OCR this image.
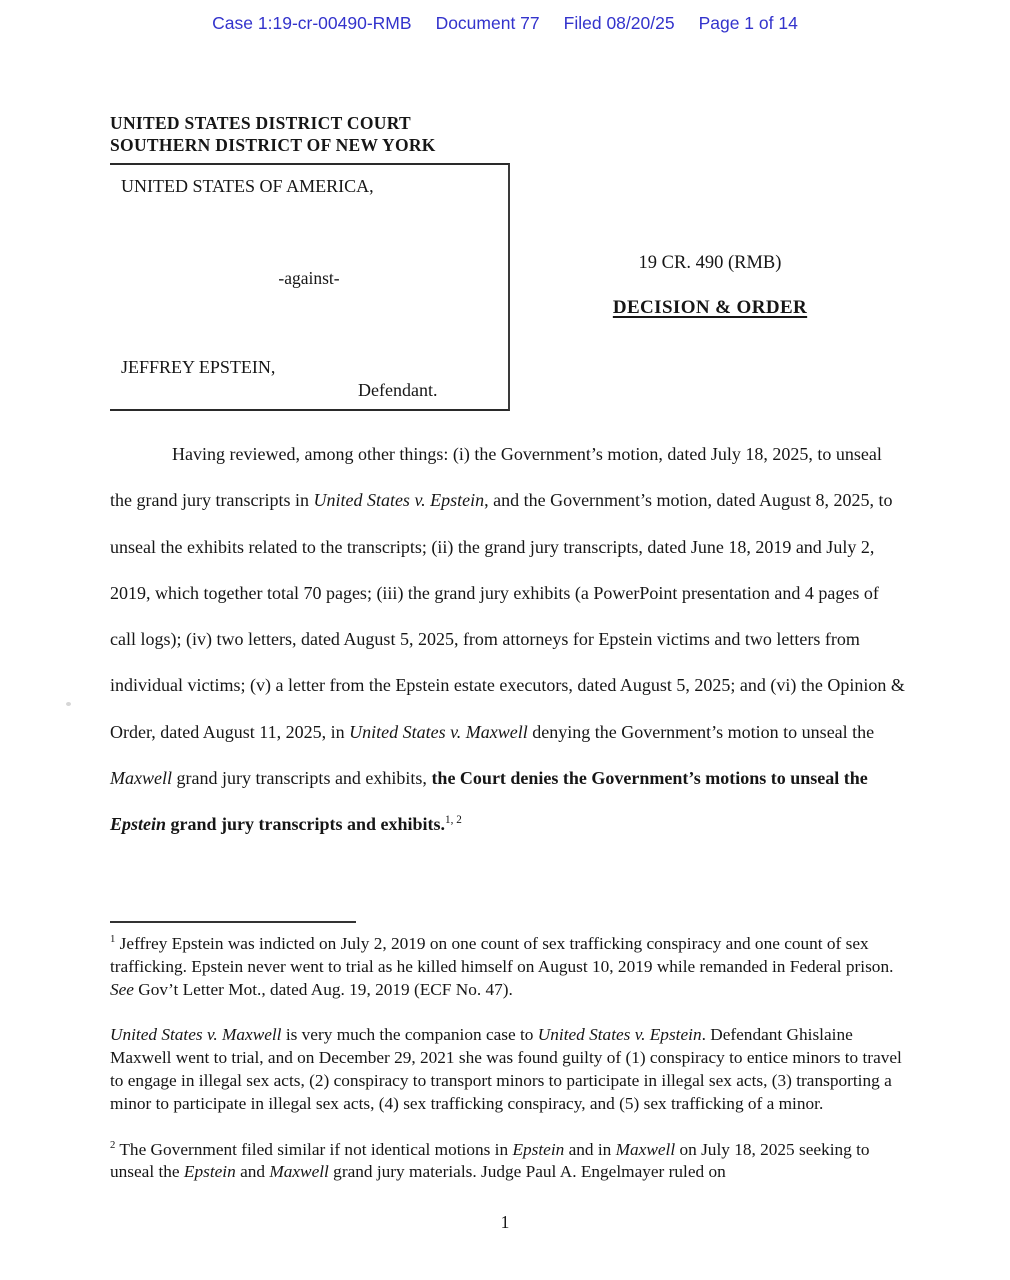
Case 1:19-cr-00490-RMB Document 77 Filed 08/20/25 Page 1 of 14
UNITED STATES DISTRICT COURT
SOUTHERN DISTRICT OF NEW YORK
UNITED STATES OF AMERICA,
-against-
JEFFREY EPSTEIN,
Defendant.
19 CR. 490 (RMB)
DECISION & ORDER
Having reviewed, among other things: (i) the Government’s motion, dated July 18, 2025, to unseal the grand jury transcripts in United States v. Epstein, and the Government’s motion, dated August 8, 2025, to unseal the exhibits related to the transcripts; (ii) the grand jury transcripts, dated June 18, 2019 and July 2, 2019, which together total 70 pages; (iii) the grand jury exhibits (a PowerPoint presentation and 4 pages of call logs); (iv) two letters, dated August 5, 2025, from attorneys for Epstein victims and two letters from individual victims; (v) a letter from the Epstein estate executors, dated August 5, 2025; and (vi) the Opinion & Order, dated August 11, 2025, in United States v. Maxwell denying the Government’s motion to unseal the Maxwell grand jury transcripts and exhibits, the Court denies the Government’s motions to unseal the Epstein grand jury transcripts and exhibits.$^{1, 2}$

$^1$ Jeffrey Epstein was indicted on July 2, 2019 on one count of sex trafficking conspiracy and one count of sex trafficking. Epstein never went to trial as he killed himself on August 10, 2019 while remanded in Federal prison. See Gov’t Letter Mot., dated Aug. 19, 2019 (ECF No. 47).

United States v. Maxwell is very much the companion case to United States v. Epstein. Defendant Ghislaine Maxwell went to trial, and on December 29, 2021 she was found guilty of (1) conspiracy to entice minors to travel to engage in illegal sex acts, (2) conspiracy to transport minors to participate in illegal sex acts, (3) transporting a minor to participate in illegal sex acts, (4) sex trafficking conspiracy, and (5) sex trafficking of a minor.

$^2$ The Government filed similar if not identical motions in Epstein and in Maxwell on July 18, 2025 seeking to unseal the Epstein and Maxwell grand jury materials. Judge Paul A. Engelmayer ruled on

1
